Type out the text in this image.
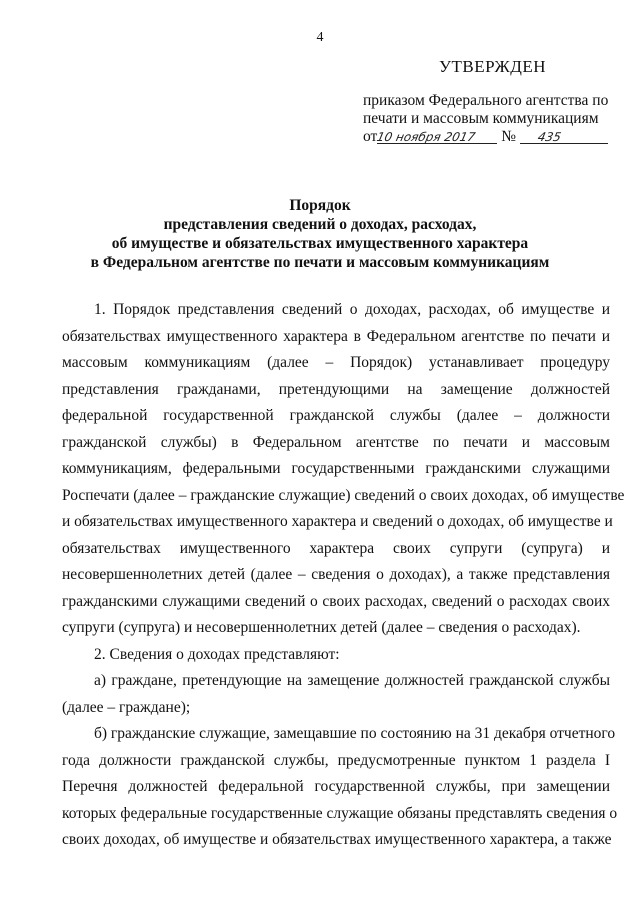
4
УТВЕРЖДЕН
приказом Федерального агентства по
печати и массовым коммуникациям
от10 ноября 2017 № 435
Порядок
представления сведений о доходах, расходах,
об имуществе и обязательствах имущественного характера
в Федеральном агентстве по печати и массовым коммуникациям
1. Порядок представления сведений о доходах, расходах, об имуществе и
обязательствах имущественного характера в Федеральном агентстве по печати и
массовым коммуникациям (далее – Порядок) устанавливает процедуру
представления гражданами, претендующими на замещение должностей
федеральной государственной гражданской службы (далее – должности
гражданской службы) в Федеральном агентстве по печати и массовым
коммуникациям, федеральными государственными гражданскими служащими
Роспечати (далее – гражданские служащие) сведений о своих доходах, об имуществе
и обязательствах имущественного характера и сведений о доходах, об имуществе и
обязательствах имущественного характера своих супруги (супруга) и
несовершеннолетних детей (далее – сведения о доходах), а также представления
гражданскими служащими сведений о своих расходах, сведений о расходах своих
супруги (супруга) и несовершеннолетних детей (далее – сведения о расходах).
2. Сведения о доходах представляют:
а) граждане, претендующие на замещение должностей гражданской службы
(далее – граждане);
б) гражданские служащие, замещавшие по состоянию на 31 декабря отчетного
года должности гражданской службы, предусмотренные пунктом 1 раздела I
Перечня должностей федеральной государственной службы, при замещении
которых федеральные государственные служащие обязаны представлять сведения о
своих доходах, об имуществе и обязательствах имущественного характера, а также
